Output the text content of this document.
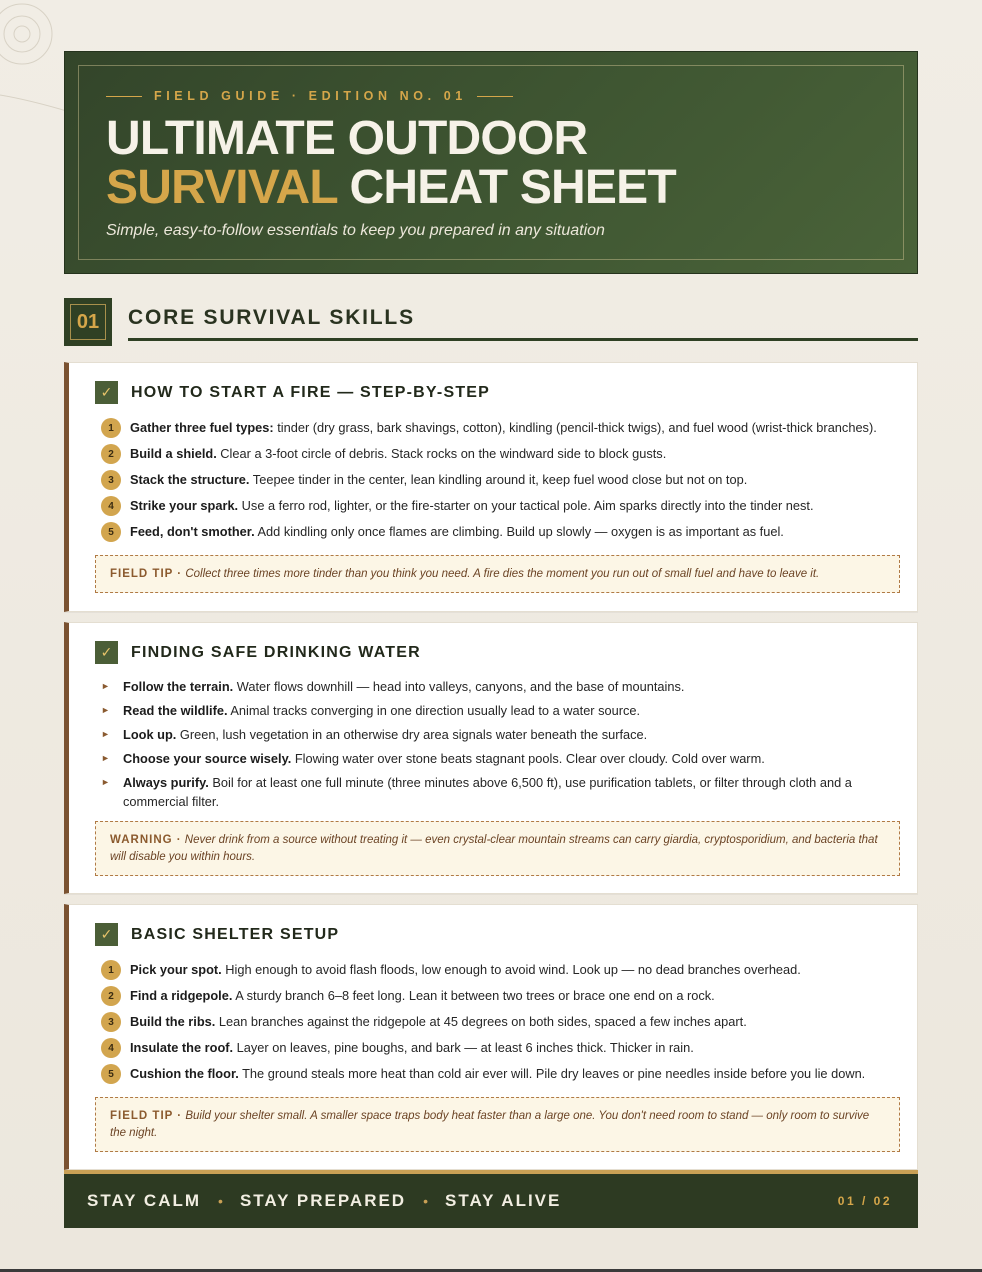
FIELD GUIDE · EDITION NO. 01
ULTIMATE OUTDOOR
SURVIVAL CHEAT SHEET
Simple, easy-to-follow essentials to keep you prepared in any situation
01	CORE SURVIVAL SKILLS
✓	HOW TO START A FIRE — STEP-BY-STEP
1	Gather three fuel types: tinder (dry grass, bark shavings, cotton), kindling (pencil-thick twigs), and fuel wood (wrist-thick branches).
2	Build a shield. Clear a 3-foot circle of debris. Stack rocks on the windward side to block gusts.
3	Stack the structure. Teepee tinder in the center, lean kindling around it, keep fuel wood close but not on top.
4	Strike your spark. Use a ferro rod, lighter, or the fire-starter on your tactical pole. Aim sparks directly into the tinder nest.
5	Feed, don't smother. Add kindling only once flames are climbing. Build up slowly — oxygen is as important as fuel.
FIELD TIP · Collect three times more tinder than you think you need. A fire dies the moment you run out of small fuel and have to leave it.
✓	FINDING SAFE DRINKING WATER
► Follow the terrain. Water flows downhill — head into valleys, canyons, and the base of mountains.
► Read the wildlife. Animal tracks converging in one direction usually lead to a water source.
► Look up. Green, lush vegetation in an otherwise dry area signals water beneath the surface.
► Choose your source wisely. Flowing water over stone beats stagnant pools. Clear over cloudy. Cold over warm.
► Always purify. Boil for at least one full minute (three minutes above 6,500 ft), use purification tablets, or filter through cloth and a commercial filter.
WARNING · Never drink from a source without treating it — even crystal-clear mountain streams can carry giardia, cryptosporidium, and bacteria that will disable you within hours.
✓	BASIC SHELTER SETUP
1	Pick your spot. High enough to avoid flash floods, low enough to avoid wind. Look up — no dead branches overhead.
2	Find a ridgepole. A sturdy branch 6–8 feet long. Lean it between two trees or brace one end on a rock.
3	Build the ribs. Lean branches against the ridgepole at 45 degrees on both sides, spaced a few inches apart.
4	Insulate the roof. Layer on leaves, pine boughs, and bark — at least 6 inches thick. Thicker in rain.
5	Cushion the floor. The ground steals more heat than cold air ever will. Pile dry leaves or pine needles inside before you lie down.
FIELD TIP · Build your shelter small. A smaller space traps body heat faster than a large one. You don't need room to stand — only room to survive the night.
STAY CALM • STAY PREPARED • STAY ALIVE	01 / 02
